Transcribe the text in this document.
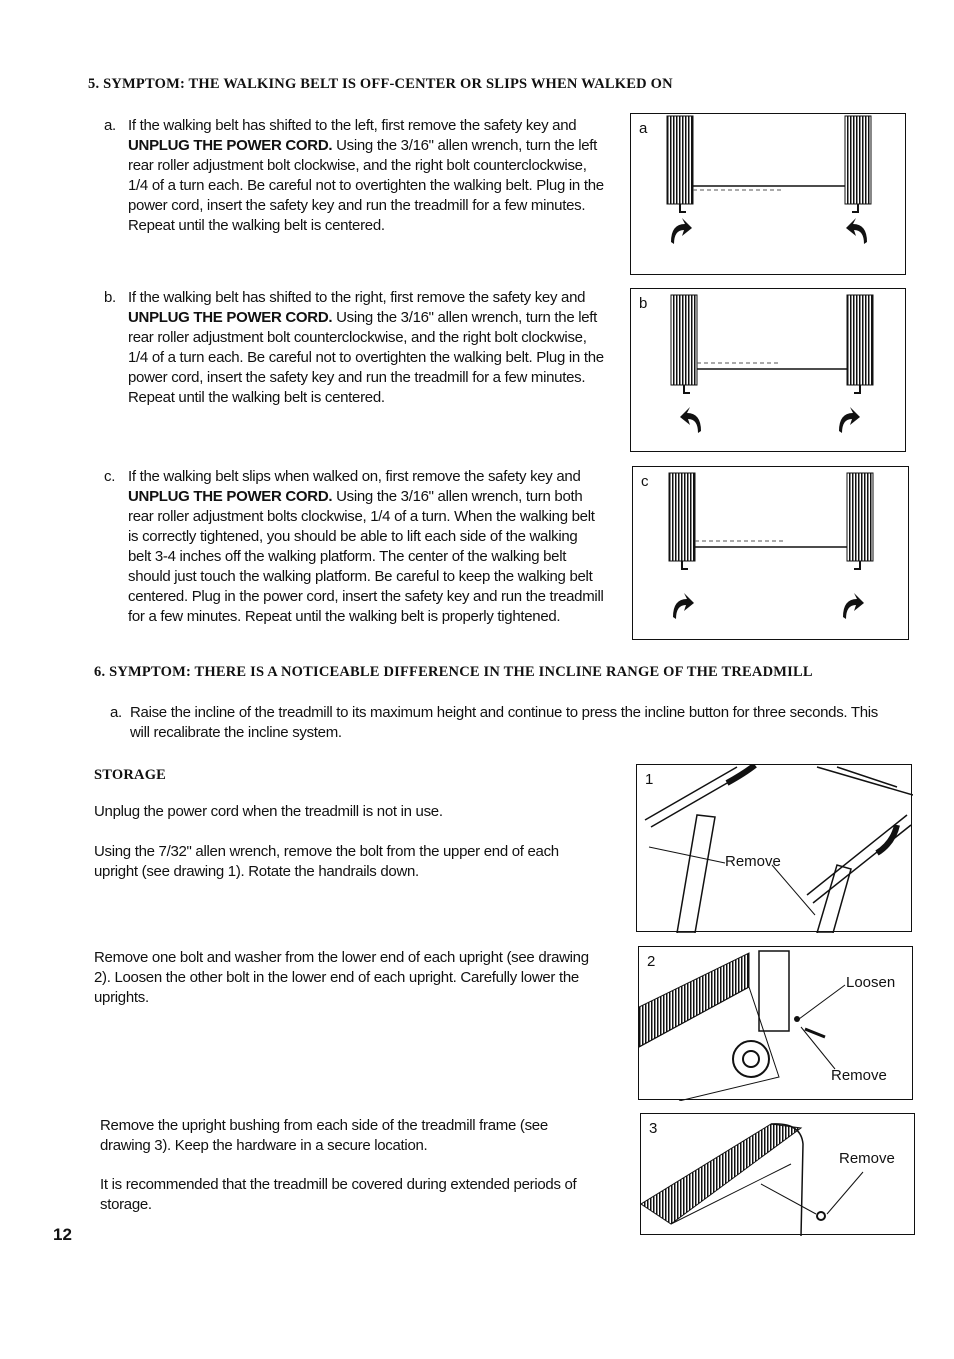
5. SYMPTOM: THE WALKING BELT IS OFF-CENTER OR SLIPS WHEN WALKED ON
a. If the walking belt has shifted to the left, first remove the safety key and UNPLUG THE POWER CORD. Using the 3/16" allen wrench, turn the left rear roller adjustment bolt clockwise, and the right bolt counterclockwise, 1/4 of a turn each. Be careful not to overtighten the walking belt. Plug in the power cord, insert the safety key and run the treadmill for a few minutes. Repeat until the walking belt is centered.
b. If the walking belt has shifted to the right, first remove the safety key and UNPLUG THE POWER CORD. Using the 3/16" allen wrench, turn the left rear roller adjustment bolt counterclockwise, and the right bolt clockwise, 1/4 of a turn each. Be careful not to overtighten the walking belt. Plug in the power cord, insert the safety key and run the treadmill for a few minutes. Repeat until the walking belt is centered.
c. If the walking belt slips when walked on, first remove the safety key and UNPLUG THE POWER CORD. Using the 3/16" allen wrench, turn both rear roller adjustment bolts clockwise, 1/4 of a turn. When the walking belt is correctly tightened, you should be able to lift each side of the walking belt 3-4 inches off the walking platform. The center of the walking belt should just touch the walking platform. Be careful to keep the walking belt centered. Plug in the power cord, insert the safety key and run the treadmill for a few minutes. Repeat until the walking belt is properly tightened.
a
b
c
6. SYMPTOM: THERE IS A NOTICEABLE DIFFERENCE IN THE INCLINE RANGE OF THE TREADMILL
a. Raise the incline of the treadmill to its maximum height and continue to press the incline button for three seconds. This will recalibrate the incline system.
STORAGE
Unplug the power cord when the treadmill is not in use.
Using the 7/32" allen wrench, remove the bolt from the upper end of each upright (see drawing 1). Rotate the handrails down.
Remove one bolt and washer from the lower end of each upright (see drawing 2). Loosen the other bolt in the lower end of each upright. Carefully lower the uprights.
Remove the upright bushing from each side of the treadmill frame (see drawing 3). Keep the hardware in a secure location.
It is recommended that the treadmill be covered during extended periods of storage.
1
Remove
2
Loosen
Remove
3
Remove
12
